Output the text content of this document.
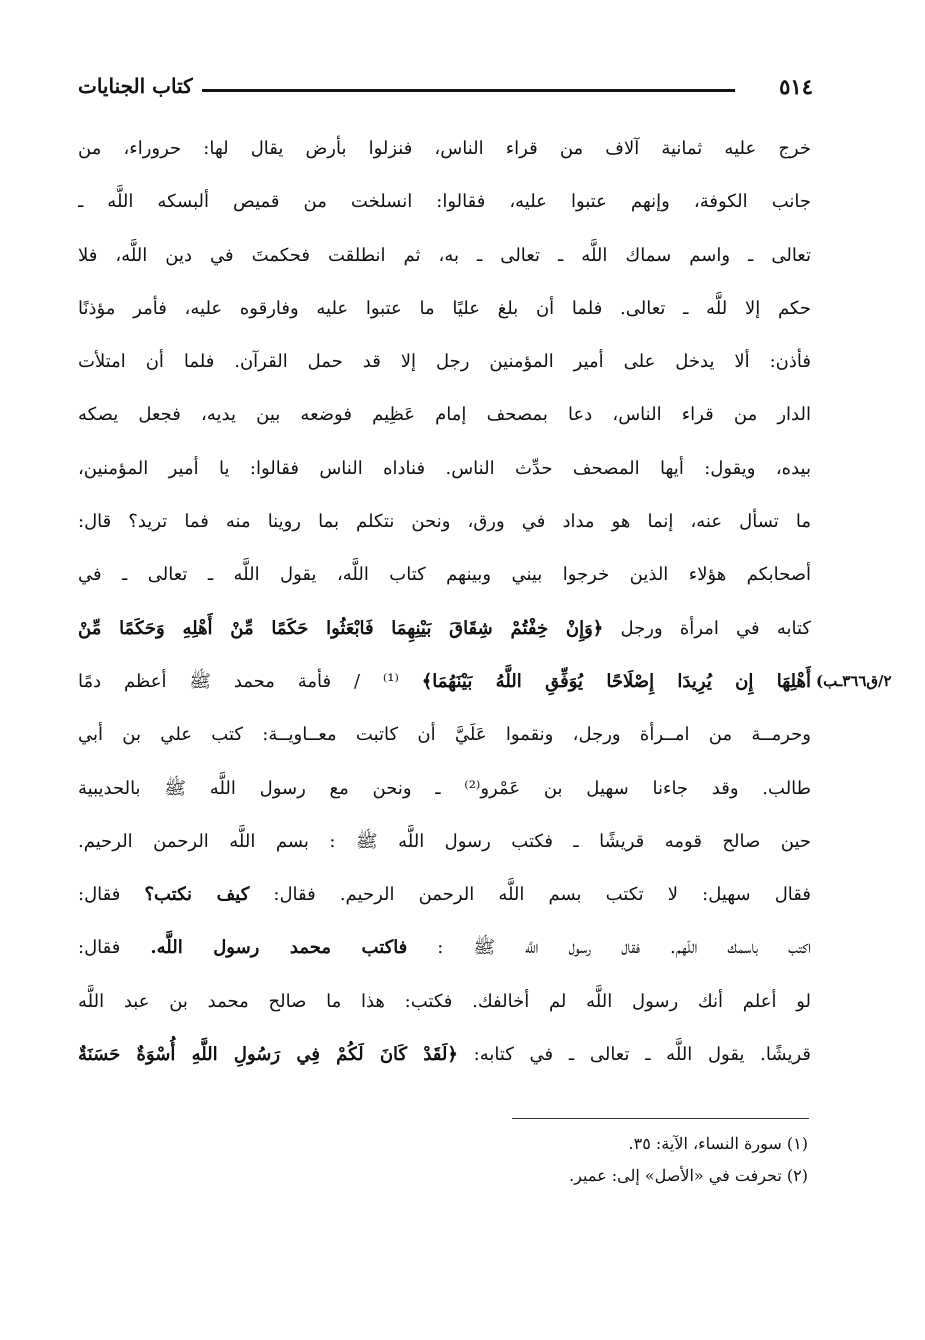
كتاب الجنايات	٥١٤
خرج عليه ثمانية آلاف من قراء الناس، فنزلوا بأرض يقال لها: حروراء، من
جانب الكوفة، وإنهم عتبوا عليه، فقالوا: انسلخت من قميص ألبسكه اللَّه ـ
تعالى ـ واسم سماك اللَّه ـ تعالى ـ به، ثم انطلقت فحكمتَ في دين اللَّه، فلا
حكم إلا للَّه ـ تعالى. فلما أن بلغ عليًا ما عتبوا عليه وفارقوه عليه، فأمر مؤذنًا
فأذن: ألا يدخل على أمير المؤمنين رجل إلا قد حمل القرآن. فلما أن امتلأت
الدار من قراء الناس، دعا بمصحف إمام عَظِيم فوضعه بين يديه، فجعل يصكه
بيده، ويقول: أيها المصحف حدِّث الناس. فناداه الناس فقالوا: يا أمير المؤمنين،
ما تسأل عنه، إنما هو مداد في ورق، ونحن نتكلم بما روينا منه فما تريد؟ قال:
أصحابكم هؤلاء الذين خرجوا بيني وبينهم كتاب اللَّه، يقول اللَّه ـ تعالى ـ في
كتابه في امرأة ورجل ﴿وَإِنْ خِفْتُمْ شِقَاقَ بَيْنِهِمَا فَابْعَثُوا حَكَمًا مِّنْ أَهْلِهِ وَحَكَمًا مِّنْ
أَهْلِهَا إِن يُرِيدَا إِصْلَاحًا يُوَفِّقِ اللَّهُ بَيْنَهُمَا﴾ ⁽¹⁾ / فأمة محمد ﷺ أعظم دمًا
وحرمــة من امــرأة ورجل، ونقموا عَلَيَّ أن كاتبت معــاويــة: كتب علي بن أبي
طالب. وقد جاءنا سهيل بن عَمْرو⁽²⁾ ـ ونحن مع رسول اللَّه ﷺ بالحديبية
حين صالح قومه قريشًا ـ فكتب رسول اللَّه ﷺ : بسم اللَّه الرحمن الرحيم.
فقال سهيل: لا تكتب بسم اللَّه الرحمن الرحيم. فقال: كيف نكتب؟ فقال:
اكتب باسمك اللّهم. فقال رسول اللَّه ﷺ : فاكتب محمد رسول اللَّه. فقال:
لو أعلم أنك رسول اللَّه لم أخالفك. فكتب: هذا ما صالح محمد بن عبد اللَّه
قريشًا. يقول اللَّه ـ تعالى ـ في كتابه: ﴿لَقَدْ كَانَ لَكُمْ فِي رَسُولِ اللَّهِ أُسْوَةٌ حَسَنَةٌ
٢/ق٣٦٦ـب)
(١) سورة النساء، الآية: ٣٥.
(٢) تحرفت في «الأصل» إلى: عمير.
